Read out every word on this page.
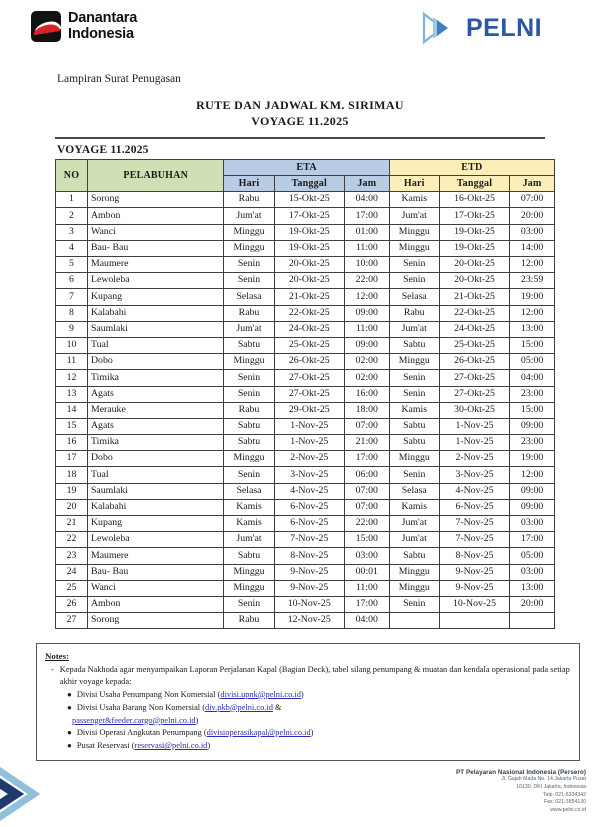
Danantara
Indonesia	PELNI
Lampiran Surat Penugasan
RUTE DAN JADWAL KM. SIRIMAU
VOYAGE 11.2025
VOYAGE 11.2025
NO	PELABUHAN	ETA			ETD		
		Hari	Tanggal	Jam	Hari	Tanggal	Jam
1	Sorong	Rabu	15-Okt-25	04:00	Kamis	16-Okt-25	07:00
2	Ambon	Jum'at	17-Okt-25	17:00	Jum'at	17-Okt-25	20:00
3	Wanci	Minggu	19-Okt-25	01:00	Minggu	19-Okt-25	03:00
4	Bau- Bau	Minggu	19-Okt-25	11:00	Minggu	19-Okt-25	14:00
5	Maumere	Senin	20-Okt-25	10:00	Senin	20-Okt-25	12:00
6	Lewoleba	Senin	20-Okt-25	22:00	Senin	20-Okt-25	23:59
7	Kupang	Selasa	21-Okt-25	12:00	Selasa	21-Okt-25	19:00
8	Kalabahi	Rabu	22-Okt-25	09:00	Rabu	22-Okt-25	12:00
9	Saumlaki	Jum'at	24-Okt-25	11:00	Jum'at	24-Okt-25	13:00
10	Tual	Sabtu	25-Okt-25	09:00	Sabtu	25-Okt-25	15:00
11	Dobo	Minggu	26-Okt-25	02:00	Minggu	26-Okt-25	05:00
12	Timika	Senin	27-Okt-25	02:00	Senin	27-Okt-25	04:00
13	Agats	Senin	27-Okt-25	16:00	Senin	27-Okt-25	23:00
14	Merauke	Rabu	29-Okt-25	18:00	Kamis	30-Okt-25	15:00
15	Agats	Sabtu	1-Nov-25	07:00	Sabtu	1-Nov-25	09:00
16	Timika	Sabtu	1-Nov-25	21:00	Sabtu	1-Nov-25	23:00
17	Dobo	Minggu	2-Nov-25	17:00	Minggu	2-Nov-25	19:00
18	Tual	Senin	3-Nov-25	06:00	Senin	3-Nov-25	12:00
19	Saumlaki	Selasa	4-Nov-25	07:00	Selasa	4-Nov-25	09:00
20	Kalabahi	Kamis	6-Nov-25	07:00	Kamis	6-Nov-25	09:00
21	Kupang	Kamis	6-Nov-25	22:00	Jum'at	7-Nov-25	03:00
22	Lewoleba	Jum'at	7-Nov-25	15:00	Jum'at	7-Nov-25	17:00
23	Maumere	Sabtu	8-Nov-25	03:00	Sabtu	8-Nov-25	05:00
24	Bau- Bau	Minggu	9-Nov-25	00:01	Minggu	9-Nov-25	03:00
25	Wanci	Minggu	9-Nov-25	11:00	Minggu	9-Nov-25	13:00
26	Ambon	Senin	10-Nov-25	17:00	Senin	10-Nov-25	20:00
27	Sorong	Rabu	12-Nov-25	04:00			
Notes:
- Kepada Nakhoda agar menyampaikan Laporan Perjalanan Kapal (Bagian Deck), tabel silang penumpang & muatan dan kendala operasional pada setiap akhir voyage kepada:
● Divisi Usaha Penumpang Non Komersial (divisi.upnk@pelni.co.id)
● Divisi Usaha Barang Non Komersial (div.pkb@pelni.co.id &
passenger&feeder.cargo@pelni.co.id)
● Divisi Operasi Angkutan Penumpang (divisioperasikapal@pelni.co.id)
● Pusat Reservasi (reservasi@pelni.co.id)
PT Pelayaran Nasional Indonesia (Persero)
Jl. Gajah Mada No. 14 Jakarta Pusat
10130, DKI Jakarta, Indonesia
Telp. 021-6334342
Fax. 021-3854130
www.pelni.co.id
